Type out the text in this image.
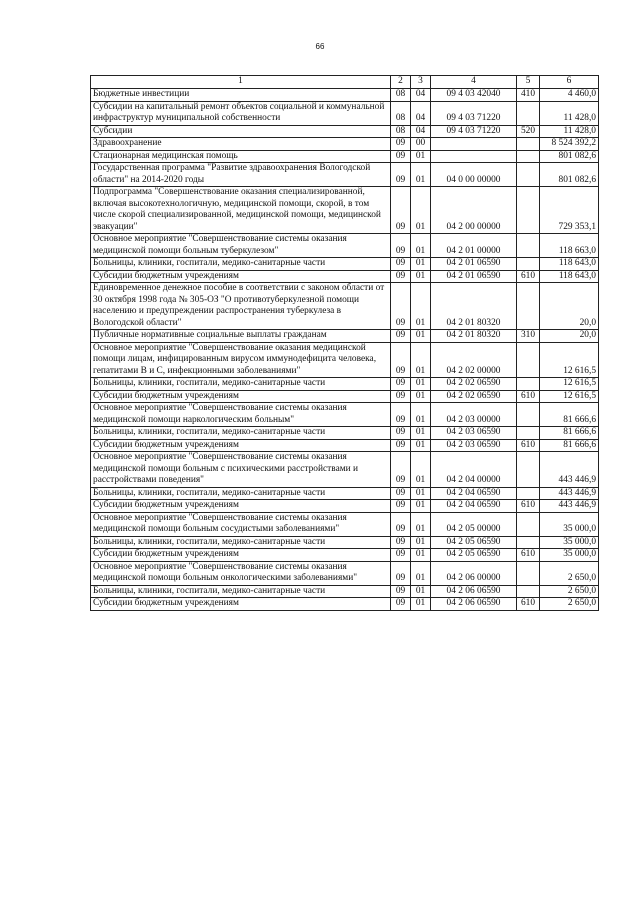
66
1	2	3	4	5	6
Бюджетные инвестиции	08	04	09 4 03 42040	410	4 460,0
Субсидии на капитальный ремонт объектов социальной и коммунальной инфраструктур муниципальной собственности	08	04	09 4 03 71220		11 428,0
Субсидии	08	04	09 4 03 71220	520	11 428,0
Здравоохранение	09	00			8 524 392,2
Стационарная медицинская помощь	09	01			801 082,6
Государственная программа "Развитие здравоохранения Вологодской области" на 2014-2020 годы	09	01	04 0 00 00000		801 082,6
Подпрограмма "Совершенствование оказания специализированной, включая высокотехнологичную, медицинской помощи, скорой, в том числе скорой специализированной, медицинской помощи, медицинской эвакуации"	09	01	04 2 00 00000		729 353,1
Основное мероприятие "Совершенствование системы оказания медицинской помощи больным туберкулезом"	09	01	04 2 01 00000		118 663,0
Больницы, клиники, госпитали, медико-санитарные части	09	01	04 2 01 06590		118 643,0
Субсидии бюджетным учреждениям	09	01	04 2 01 06590	610	118 643,0
Единовременное денежное пособие в соответствии с законом области от 30 октября 1998 года № 305-ОЗ "О противотуберкулезной помощи населению и предупреждении распространения туберкулеза в Вологодской области"	09	01	04 2 01 80320		20,0
Публичные нормативные социальные выплаты гражданам	09	01	04 2 01 80320	310	20,0
Основное мероприятие "Совершенствование оказания медицинской помощи лицам, инфицированным вирусом иммунодефицита человека, гепатитами В и С, инфекционными заболеваниями"	09	01	04 2 02 00000		12 616,5
Больницы, клиники, госпитали, медико-санитарные части	09	01	04 2 02 06590		12 616,5
Субсидии бюджетным учреждениям	09	01	04 2 02 06590	610	12 616,5
Основное мероприятие "Совершенствование системы оказания медицинской помощи наркологическим больным"	09	01	04 2 03 00000		81 666,6
Больницы, клиники, госпитали, медико-санитарные части	09	01	04 2 03 06590		81 666,6
Субсидии бюджетным учреждениям	09	01	04 2 03 06590	610	81 666,6
Основное мероприятие "Совершенствование системы оказания медицинской помощи больным с психическими расстройствами и расстройствами поведения"	09	01	04 2 04 00000		443 446,9
Больницы, клиники, госпитали, медико-санитарные части	09	01	04 2 04 06590		443 446,9
Субсидии бюджетным учреждениям	09	01	04 2 04 06590	610	443 446,9
Основное мероприятие "Совершенствование системы оказания медицинской помощи больным сосудистыми заболеваниями"	09	01	04 2 05 00000		35 000,0
Больницы, клиники, госпитали, медико-санитарные части	09	01	04 2 05 06590		35 000,0
Субсидии бюджетным учреждениям	09	01	04 2 05 06590	610	35 000,0
Основное мероприятие "Совершенствование системы оказания медицинской помощи больным онкологическими заболеваниями"	09	01	04 2 06 00000		2 650,0
Больницы, клиники, госпитали, медико-санитарные части	09	01	04 2 06 06590		2 650,0
Субсидии бюджетным учреждениям	09	01	04 2 06 06590	610	2 650,0
